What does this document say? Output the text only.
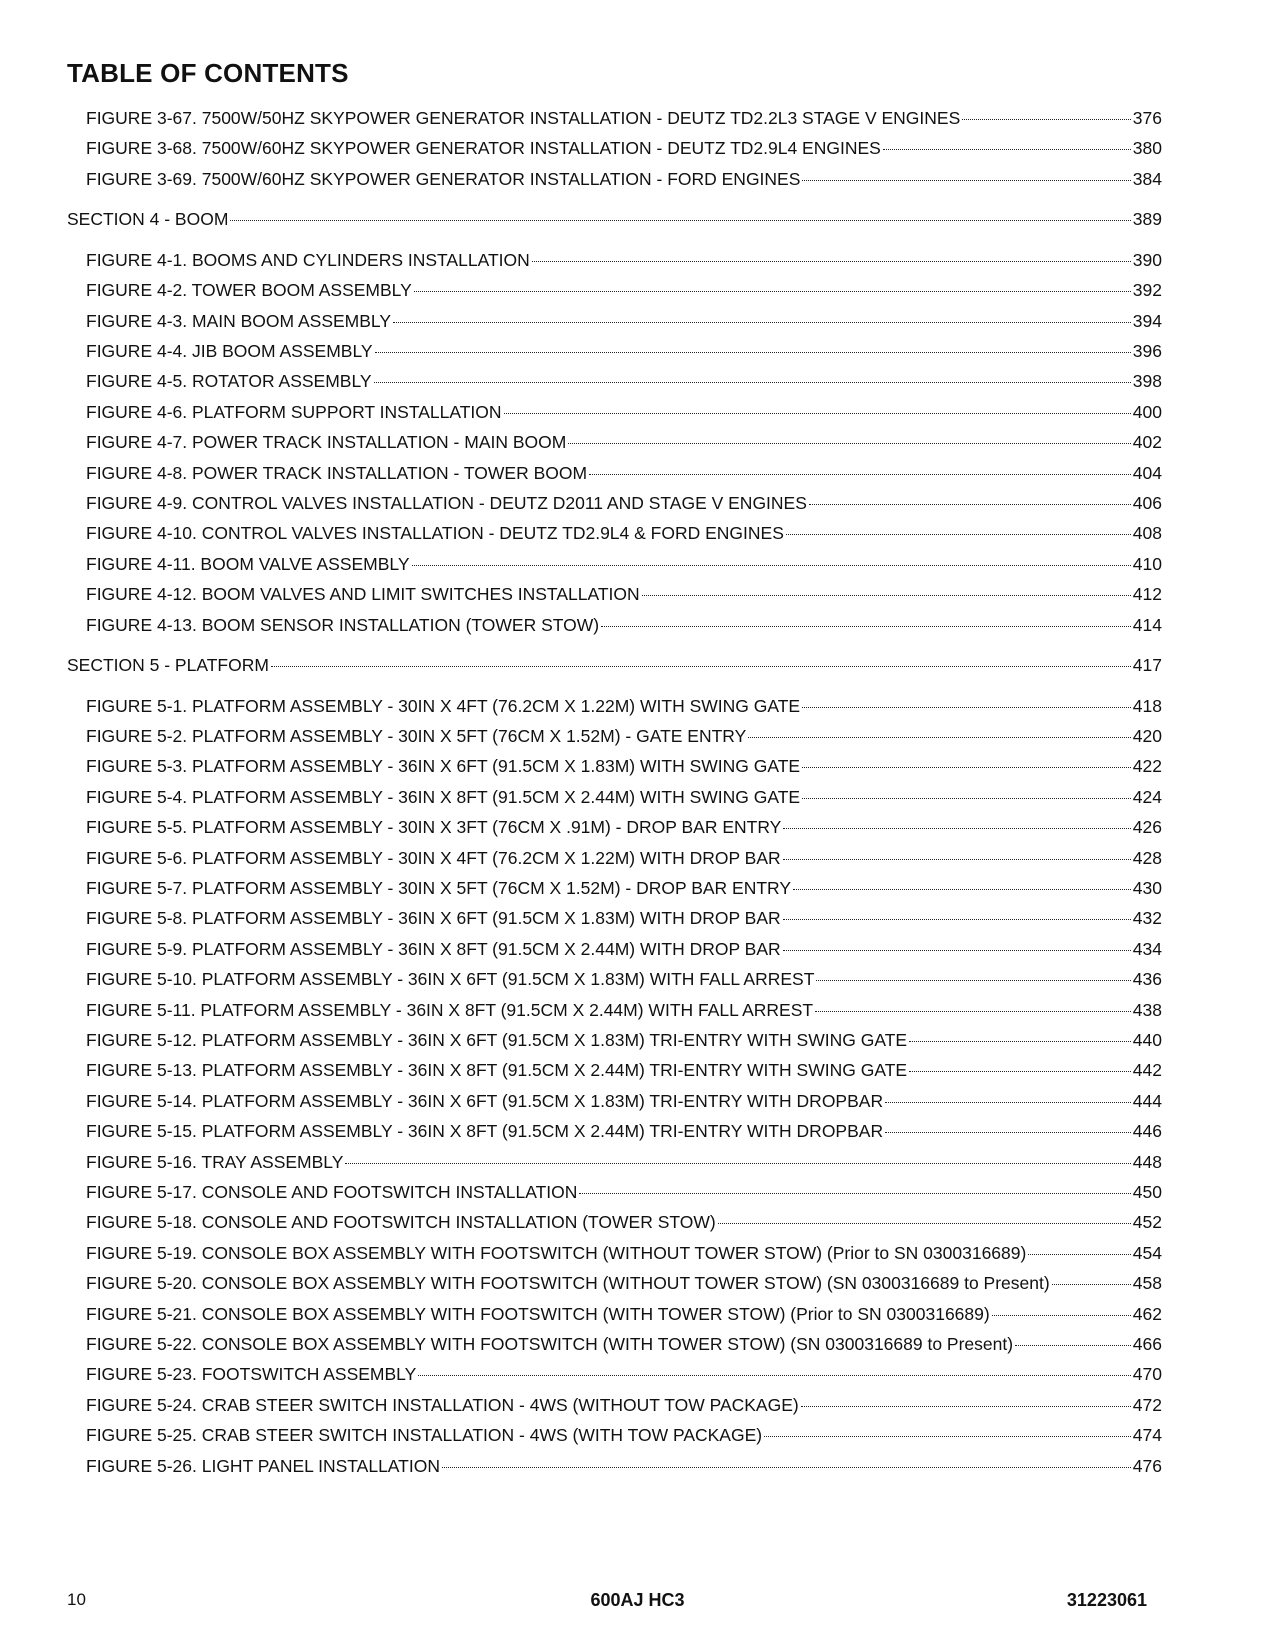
TABLE OF CONTENTS
FIGURE 3-67. 7500W/50HZ SKYPOWER GENERATOR INSTALLATION - DEUTZ TD2.2L3 STAGE V ENGINES	376
FIGURE 3-68. 7500W/60HZ SKYPOWER GENERATOR INSTALLATION - DEUTZ TD2.9L4 ENGINES	380
FIGURE 3-69. 7500W/60HZ SKYPOWER GENERATOR INSTALLATION - FORD ENGINES	384
SECTION 4 - BOOM	389
FIGURE 4-1. BOOMS AND CYLINDERS INSTALLATION	390
FIGURE 4-2. TOWER BOOM ASSEMBLY	392
FIGURE 4-3. MAIN BOOM ASSEMBLY	394
FIGURE 4-4. JIB BOOM ASSEMBLY	396
FIGURE 4-5. ROTATOR ASSEMBLY	398
FIGURE 4-6. PLATFORM SUPPORT INSTALLATION	400
FIGURE 4-7. POWER TRACK INSTALLATION - MAIN BOOM	402
FIGURE 4-8. POWER TRACK INSTALLATION - TOWER BOOM	404
FIGURE 4-9. CONTROL VALVES INSTALLATION - DEUTZ D2011 AND STAGE V ENGINES	406
FIGURE 4-10. CONTROL VALVES INSTALLATION - DEUTZ TD2.9L4 & FORD ENGINES	408
FIGURE 4-11. BOOM VALVE ASSEMBLY	410
FIGURE 4-12. BOOM VALVES AND LIMIT SWITCHES INSTALLATION	412
FIGURE 4-13. BOOM SENSOR INSTALLATION (TOWER STOW)	414
SECTION 5 - PLATFORM	417
FIGURE 5-1. PLATFORM ASSEMBLY - 30IN X 4FT (76.2CM X 1.22M) WITH SWING GATE	418
FIGURE 5-2. PLATFORM ASSEMBLY - 30IN X 5FT (76CM X 1.52M) - GATE ENTRY	420
FIGURE 5-3. PLATFORM ASSEMBLY - 36IN X 6FT (91.5CM X 1.83M) WITH SWING GATE	422
FIGURE 5-4. PLATFORM ASSEMBLY - 36IN X 8FT (91.5CM X 2.44M) WITH SWING GATE	424
FIGURE 5-5. PLATFORM ASSEMBLY - 30IN X 3FT (76CM X .91M) - DROP BAR ENTRY	426
FIGURE 5-6. PLATFORM ASSEMBLY - 30IN X 4FT (76.2CM X 1.22M) WITH DROP BAR	428
FIGURE 5-7. PLATFORM ASSEMBLY - 30IN X 5FT (76CM X 1.52M) - DROP BAR ENTRY	430
FIGURE 5-8. PLATFORM ASSEMBLY - 36IN X 6FT (91.5CM X 1.83M) WITH DROP BAR	432
FIGURE 5-9. PLATFORM ASSEMBLY - 36IN X 8FT (91.5CM X 2.44M) WITH DROP BAR	434
FIGURE 5-10. PLATFORM ASSEMBLY - 36IN X 6FT (91.5CM X 1.83M) WITH FALL ARREST	436
FIGURE 5-11. PLATFORM ASSEMBLY - 36IN X 8FT (91.5CM X 2.44M) WITH FALL ARREST	438
FIGURE 5-12. PLATFORM ASSEMBLY - 36IN X 6FT (91.5CM X 1.83M) TRI-ENTRY WITH SWING GATE	440
FIGURE 5-13. PLATFORM ASSEMBLY - 36IN X 8FT (91.5CM X 2.44M) TRI-ENTRY WITH SWING GATE	442
FIGURE 5-14. PLATFORM ASSEMBLY - 36IN X 6FT (91.5CM X 1.83M) TRI-ENTRY WITH DROPBAR	444
FIGURE 5-15. PLATFORM ASSEMBLY - 36IN X 8FT (91.5CM X 2.44M) TRI-ENTRY WITH DROPBAR	446
FIGURE 5-16. TRAY ASSEMBLY	448
FIGURE 5-17. CONSOLE AND FOOTSWITCH INSTALLATION	450
FIGURE 5-18. CONSOLE AND FOOTSWITCH INSTALLATION (TOWER STOW)	452
FIGURE 5-19. CONSOLE BOX ASSEMBLY WITH FOOTSWITCH (WITHOUT TOWER STOW) (Prior to SN 0300316689)	454
FIGURE 5-20. CONSOLE BOX ASSEMBLY WITH FOOTSWITCH (WITHOUT TOWER STOW) (SN 0300316689 to Present)	458
FIGURE 5-21. CONSOLE BOX ASSEMBLY WITH FOOTSWITCH (WITH TOWER STOW) (Prior to SN 0300316689)	462
FIGURE 5-22. CONSOLE BOX ASSEMBLY WITH FOOTSWITCH (WITH TOWER STOW) (SN 0300316689 to Present)	466
FIGURE 5-23. FOOTSWITCH ASSEMBLY	470
FIGURE 5-24. CRAB STEER SWITCH INSTALLATION - 4WS (WITHOUT TOW PACKAGE)	472
FIGURE 5-25. CRAB STEER SWITCH INSTALLATION - 4WS (WITH TOW PACKAGE)	474
FIGURE 5-26. LIGHT PANEL INSTALLATION	476
10	600AJ HC3	31223061
